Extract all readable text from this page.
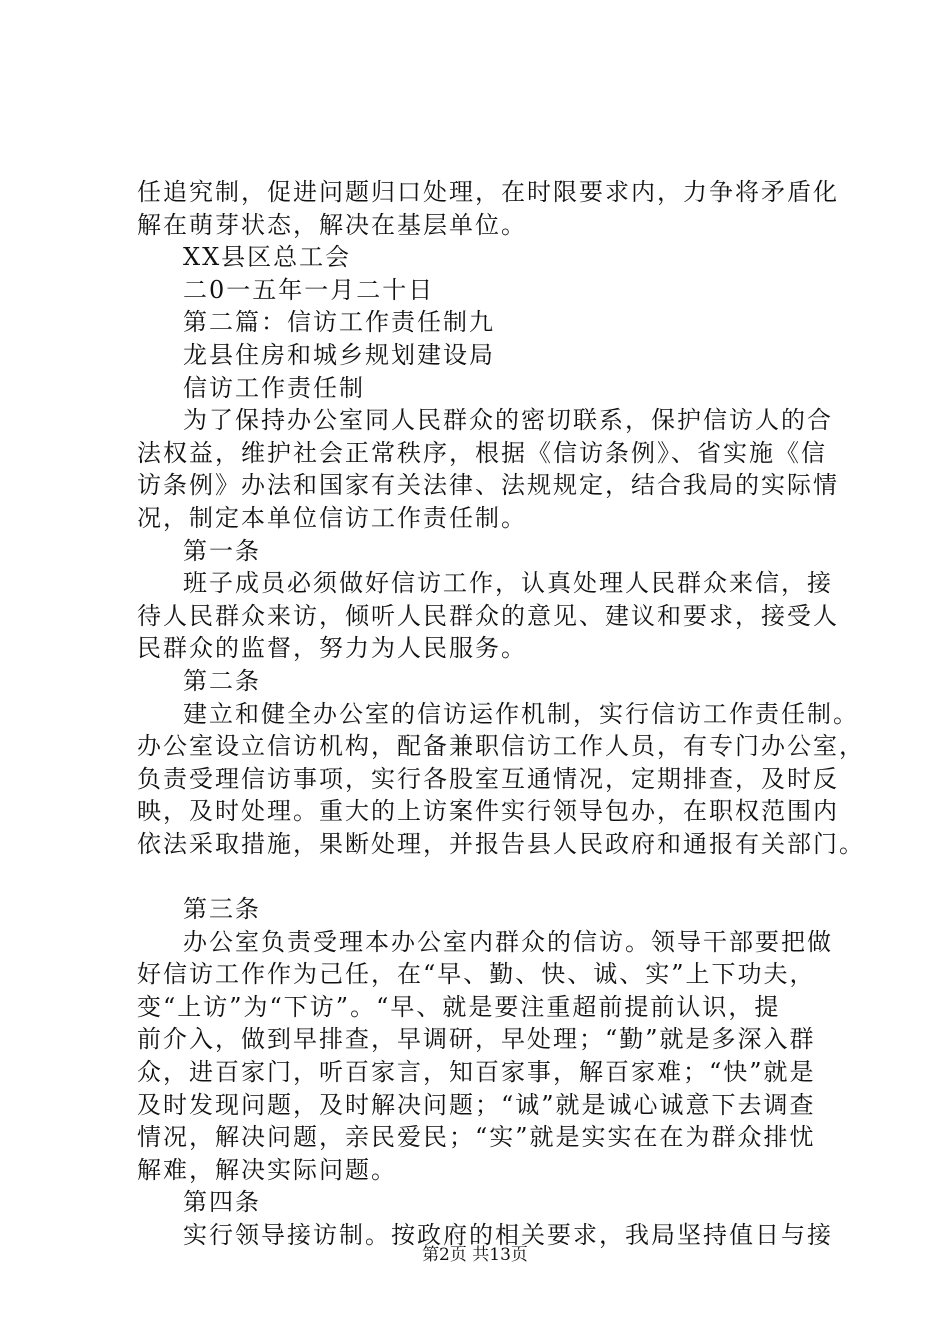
任追究制，促进问题归口处理，在时限要求内，力争将矛盾化
解在萌芽状态，解决在基层单位。
XX县区总工会
二0一五年一月二十日
第二篇：信访工作责任制九
龙县住房和城乡规划建设局
信访工作责任制
为了保持办公室同人民群众的密切联系，保护信访人的合
法权益，维护社会正常秩序，根据《信访条例》、省实施《信
访条例》办法和国家有关法律、法规规定，结合我局的实际情
况，制定本单位信访工作责任制。
第一条
班子成员必须做好信访工作，认真处理人民群众来信，接
待人民群众来访，倾听人民群众的意见、建议和要求，接受人
民群众的监督，努力为人民服务。
第二条
建立和健全办公室的信访运作机制，实行信访工作责任制。
办公室设立信访机构，配备兼职信访工作人员，有专门办公室，
负责受理信访事项，实行各股室互通情况，定期排查，及时反
映，及时处理。重大的上访案件实行领导包办，在职权范围内
依法采取措施，果断处理，并报告县人民政府和通报有关部门。
第三条
办公室负责受理本办公室内群众的信访。领导干部要把做
好信访工作作为己任，在“早、勤、快、诚、实”上下功夫，
变“上访”为“下访”。“早、就是要注重超前提前认识，提
前介入，做到早排查，早调研，早处理；“勤”就是多深入群
众，进百家门，听百家言，知百家事，解百家难；“快”就是
及时发现问题，及时解决问题；“诚”就是诚心诚意下去调查
情况，解决问题，亲民爱民；“实”就是实实在在为群众排忧
解难，解决实际问题。
第四条
实行领导接访制。按政府的相关要求，我局坚持值日与接
第2页 共13页
